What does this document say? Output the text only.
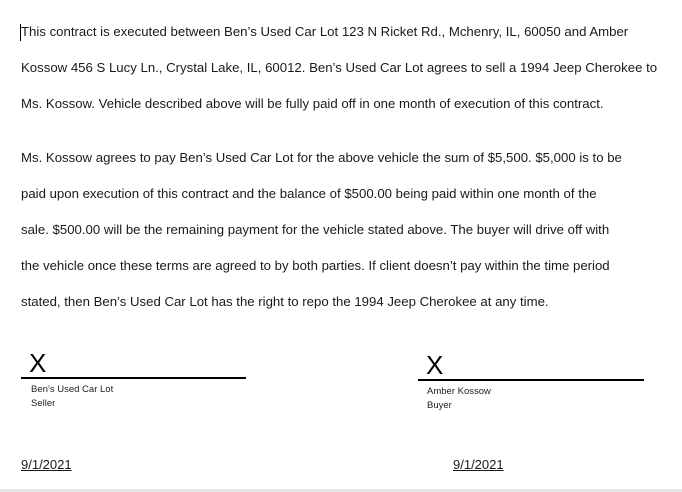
This contract is executed between Ben’s Used Car Lot 123 N Ricket Rd., Mchenry, IL, 60050 and Amber
Kossow 456 S Lucy Ln., Crystal Lake, IL, 60012. Ben’s Used Car Lot agrees to sell a 1994 Jeep Cherokee to
Ms. Kossow. Vehicle described above will be fully paid off in one month of execution of this contract.

Ms. Kossow agrees to pay Ben’s Used Car Lot for the above vehicle the sum of $5,500. $5,000 is to be
paid upon execution of this contract and the balance of $500.00 being paid within one month of the
sale. $500.00 will be the remaining payment for the vehicle stated above. The buyer will drive off with
the vehicle once these terms are agreed to by both parties. If client doesn’t pay within the time period
stated, then Ben’s Used Car Lot has the right to repo the 1994 Jeep Cherokee at any time.

X
Ben’s Used Car Lot
Seller
X
Amber Kossow
Buyer
9/1/2021	9/1/2021
